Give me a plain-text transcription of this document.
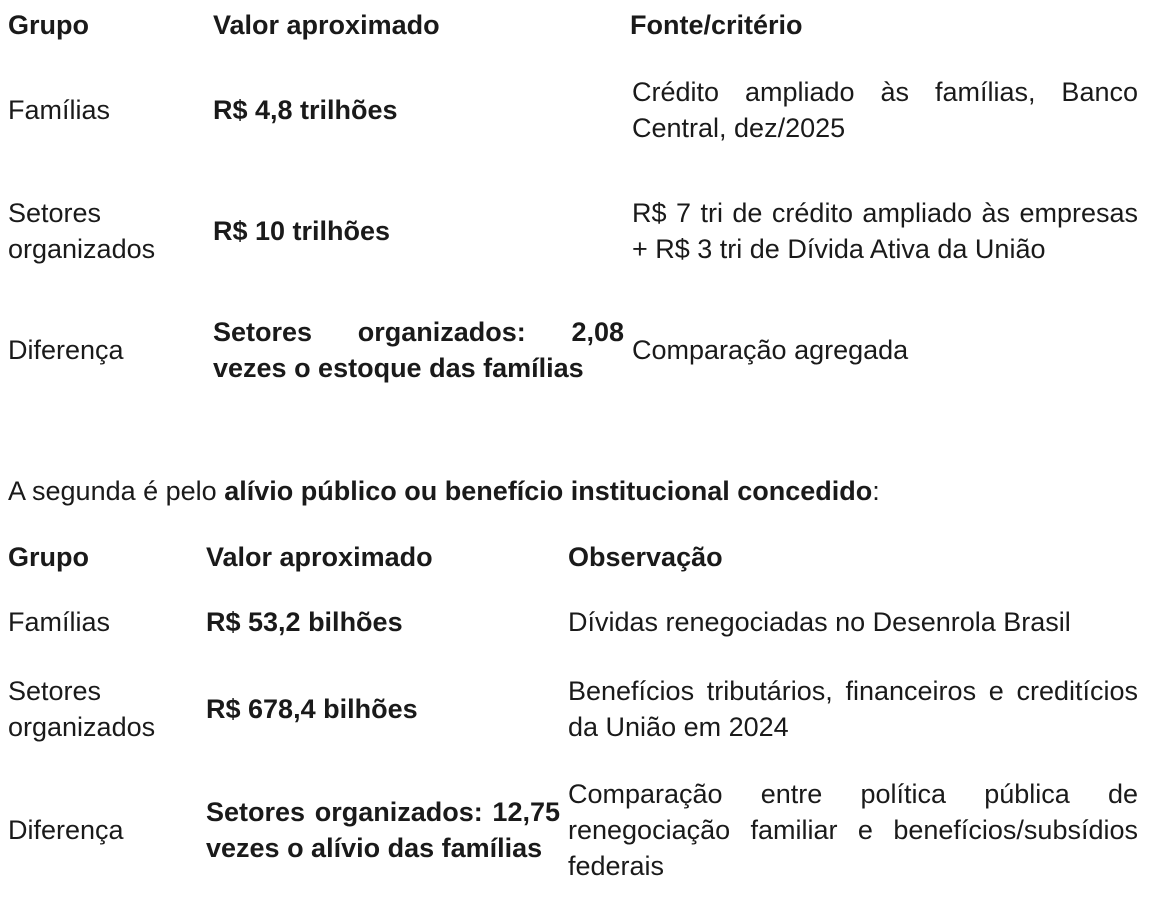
Grupo	Valor aproximado	Fonte/critério
Famílias	R$ 4,8 trilhões	Crédito ampliado às famílias, Banco Central, dez/2025
Setores organizados	R$ 10 trilhões	R$ 7 tri de crédito ampliado às empresas + R$ 3 tri de Dívida Ativa da União
Diferença	Setores organizados: 2,08 vezes o estoque das famílias	Comparação agregada
A segunda é pelo alívio público ou benefício institucional concedido:
Grupo	Valor aproximado	Observação
Famílias	R$ 53,2 bilhões	Dívidas renegociadas no Desenrola Brasil
Setores organizados	R$ 678,4 bilhões	Benefícios tributários, financeiros e creditícios da União em 2024
Diferença	Setores organizados: 12,75 vezes o alívio das famílias	Comparação entre política pública de renegociação familiar e benefícios/subsídios federais
